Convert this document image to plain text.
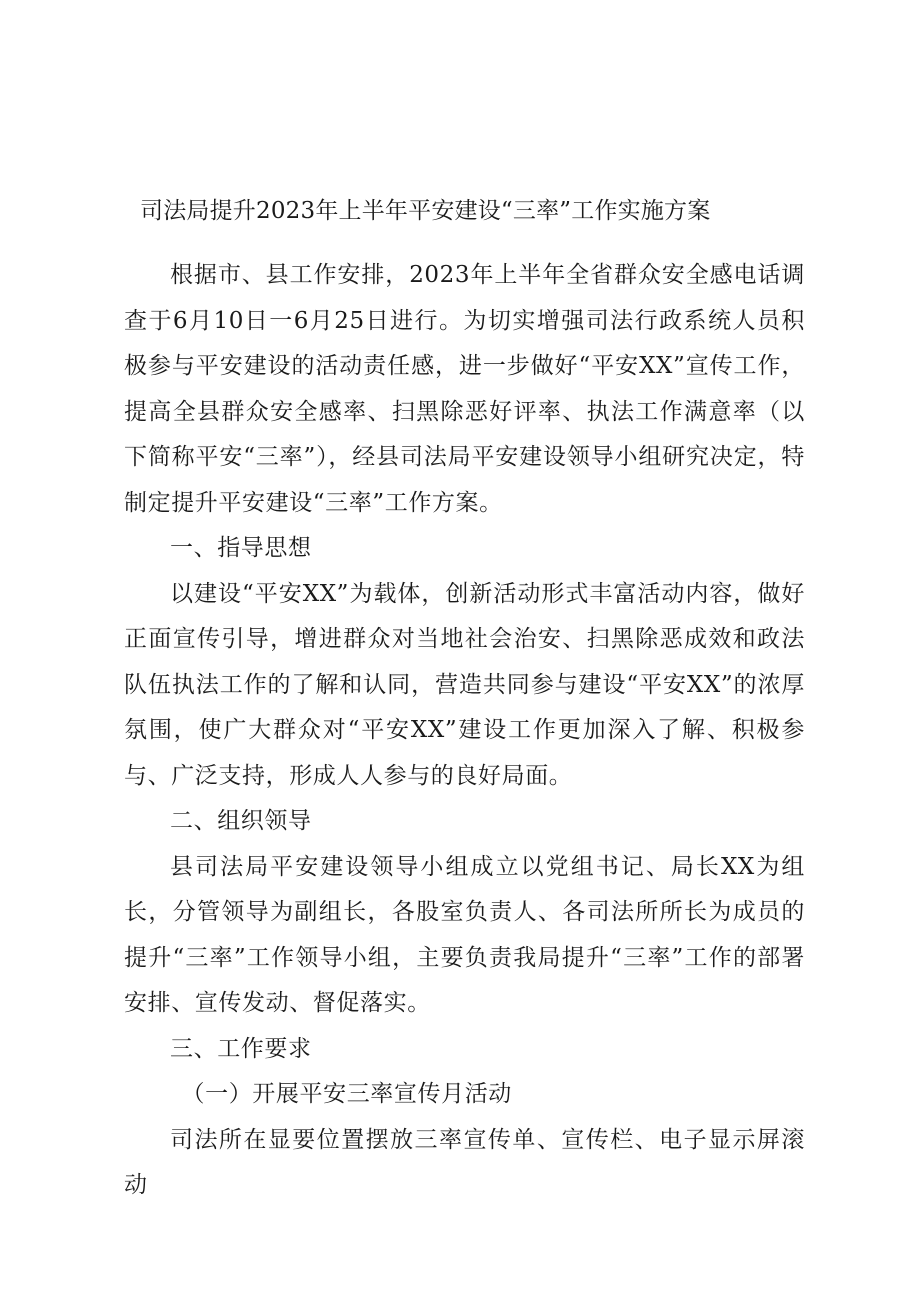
司法局提升2023年上半年平安建设“三率”工作实施方案

根据市、县工作安排，2023年上半年全省群众安全感电话调查于6月10日一6月25日进行。为切实增强司法行政系统人员积极参与平安建设的活动责任感，进一步做好“平安XX”宣传工作，提高全县群众安全感率、扫黑除恶好评率、执法工作满意率（以下简称平安“三率”），经县司法局平安建设领导小组研究决定，特制定提升平安建设“三率”工作方案。

一、指导思想

以建设“平安XX”为载体，创新活动形式丰富活动内容，做好正面宣传引导，增进群众对当地社会治安、扫黑除恶成效和政法队伍执法工作的了解和认同，营造共同参与建设“平安XX”的浓厚氛围，使广大群众对“平安XX”建设工作更加深入了解、积极参与、广泛支持，形成人人参与的良好局面。

二、组织领导

县司法局平安建设领导小组成立以党组书记、局长XX为组长，分管领导为副组长，各股室负责人、各司法所所长为成员的提升“三率”工作领导小组，主要负责我局提升“三率”工作的部署安排、宣传发动、督促落实。

三、工作要求

（一）开展平安三率宣传月活动

司法所在显要位置摆放三率宣传单、宣传栏、电子显示屏滚动
